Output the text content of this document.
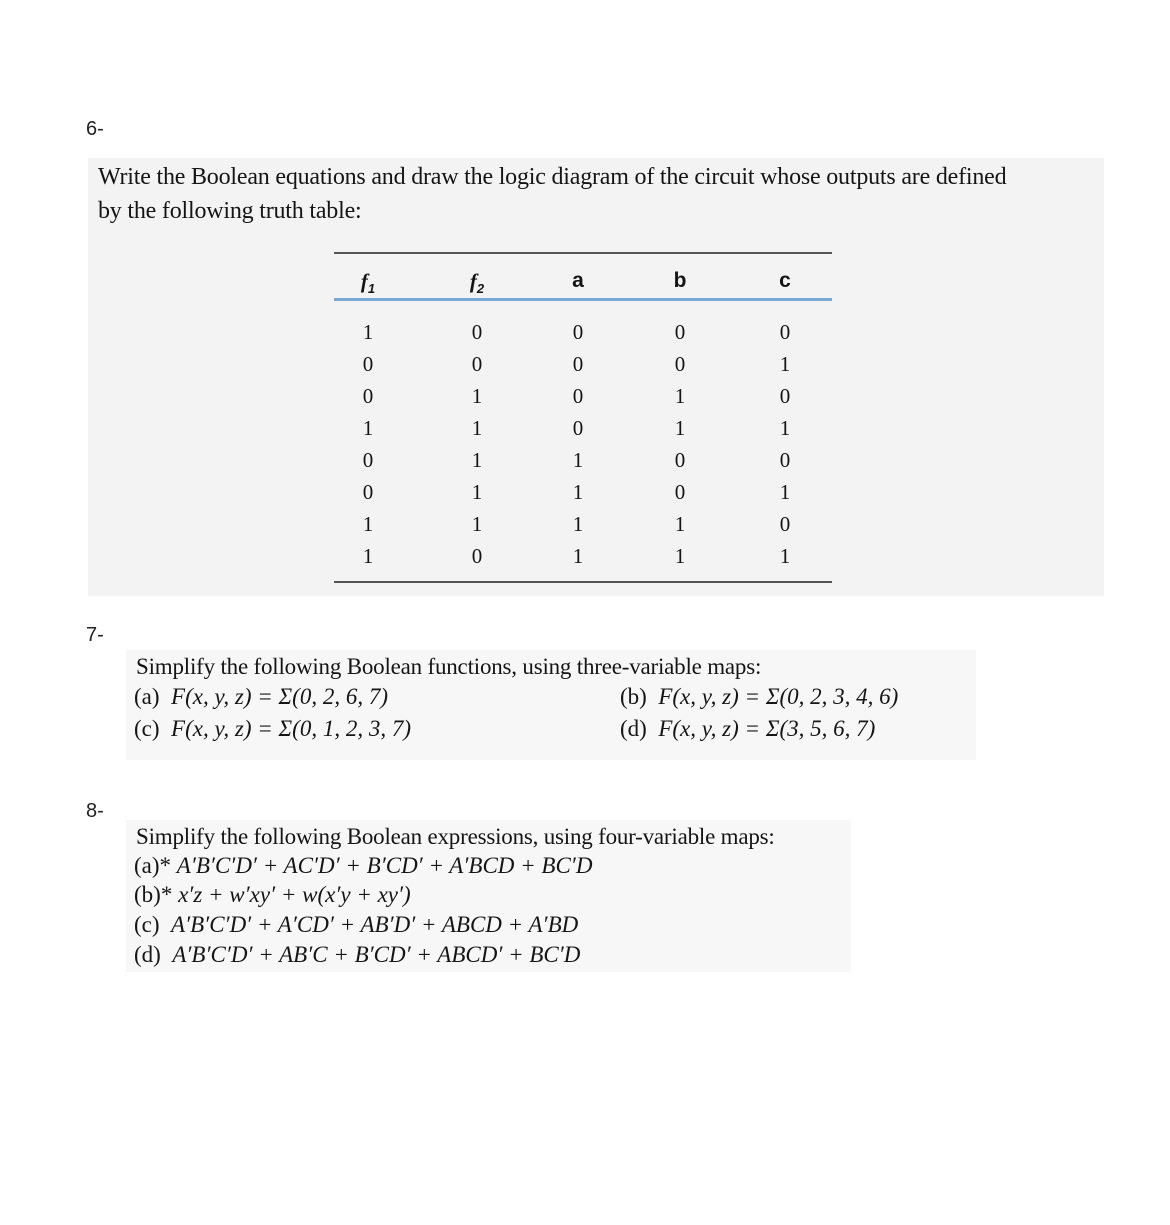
6-
Write the Boolean equations and draw the logic diagram of the circuit whose outputs are defined
by the following truth table:
$f_1$	$f_2$	a	b	c
1	0	0	0	0
0	0	0	0	1
0	1	0	1	0
1	1	0	1	1
0	1	1	0	0
0	1	1	0	1
1	1	1	1	0
1	0	1	1	1
7-
Simplify the following Boolean functions, using three-variable maps:
(a) F(x, y, z) = Σ(0, 2, 6, 7)	(b) F(x, y, z) = Σ(0, 2, 3, 4, 6)
(c) F(x, y, z) = Σ(0, 1, 2, 3, 7)	(d) F(x, y, z) = Σ(3, 5, 6, 7)
8-
Simplify the following Boolean expressions, using four-variable maps:
(a)* A′B′C′D′ + AC′D′ + B′CD′ + A′BCD + BC′D
(b)* x′z + w′xy′ + w(x′y + xy′)
(c) A′B′C′D′ + A′CD′ + AB′D′ + ABCD + A′BD
(d) A′B′C′D′ + AB′C + B′CD′ + ABCD′ + BC′D
